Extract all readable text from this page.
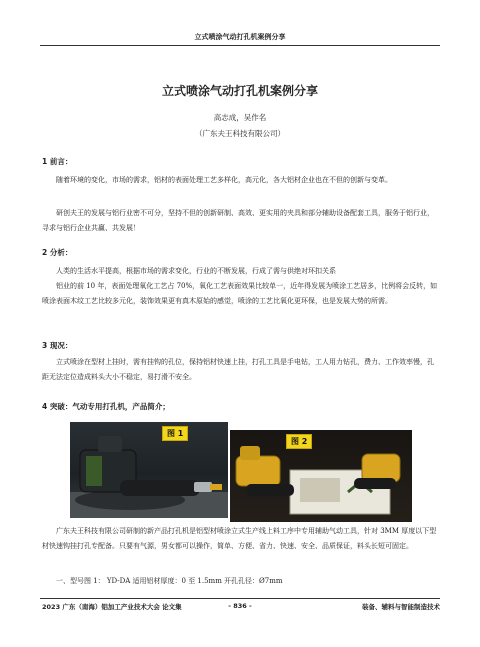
立式喷涂气动打孔机案例分享
立式喷涂气动打孔机案例分享
高志成，吴作名
（广东夫王科技有限公司）
1 前言：

随着环境的变化，市场的需求，铝材的表面处理工艺多样化，高元化，各大铝材企业也在不但的创新与变革。

研创夫王的发展与铝行业密不可分，坚持不但的创新研制、高效、更实用的夹具和部分辅助设备配套工具，服务于铝行业，寻求与铝行企业共赢、共发展！

2 分析：

人类的生活水平提高，根据市场的需求变化，行业的不断发展，行成了需与供绝对环扣关系

铝业的前 10 年，表面处理氧化工艺占 70%，氧化工艺表面效果比较单一，近年得发展为喷涂工艺居多，比例将会反转，如喷涂表面木纹工艺比较多元化，装饰效果更有真木原始的感觉，喷涂的工艺比氧化更环保，也是发展大势的所需。

3 现况：

立式喷涂在型材上挂时，需有挂钩的孔位，保持铝材快速上挂，打孔工具是手电钻，工人用力钻孔，费力、工作效率慢，孔距无法定位造成料头大小不稳定，易打滑不安全。

4 突破：气动专用打孔机，产品简介；
图 1
图 2

广东夫王科技有限公司研制的新产品打孔机是铝型材喷涂立式生产线上料工序中专用辅助气动工具，针对 3MM 厚度以下型材快速钩挂打孔专配备。只要有气源，男女都可以操作，简单、方便、省力、快速、安全、品质保证，料头长短可固定。

一、型号图 1： YD-DA 适用铝材厚度：0 至 1.5mm 开孔孔径：Ø7mm

2023 广东（南海）铝加工产业技术大会 论文集	- 836 -	装备、辅料与智能制造技术
